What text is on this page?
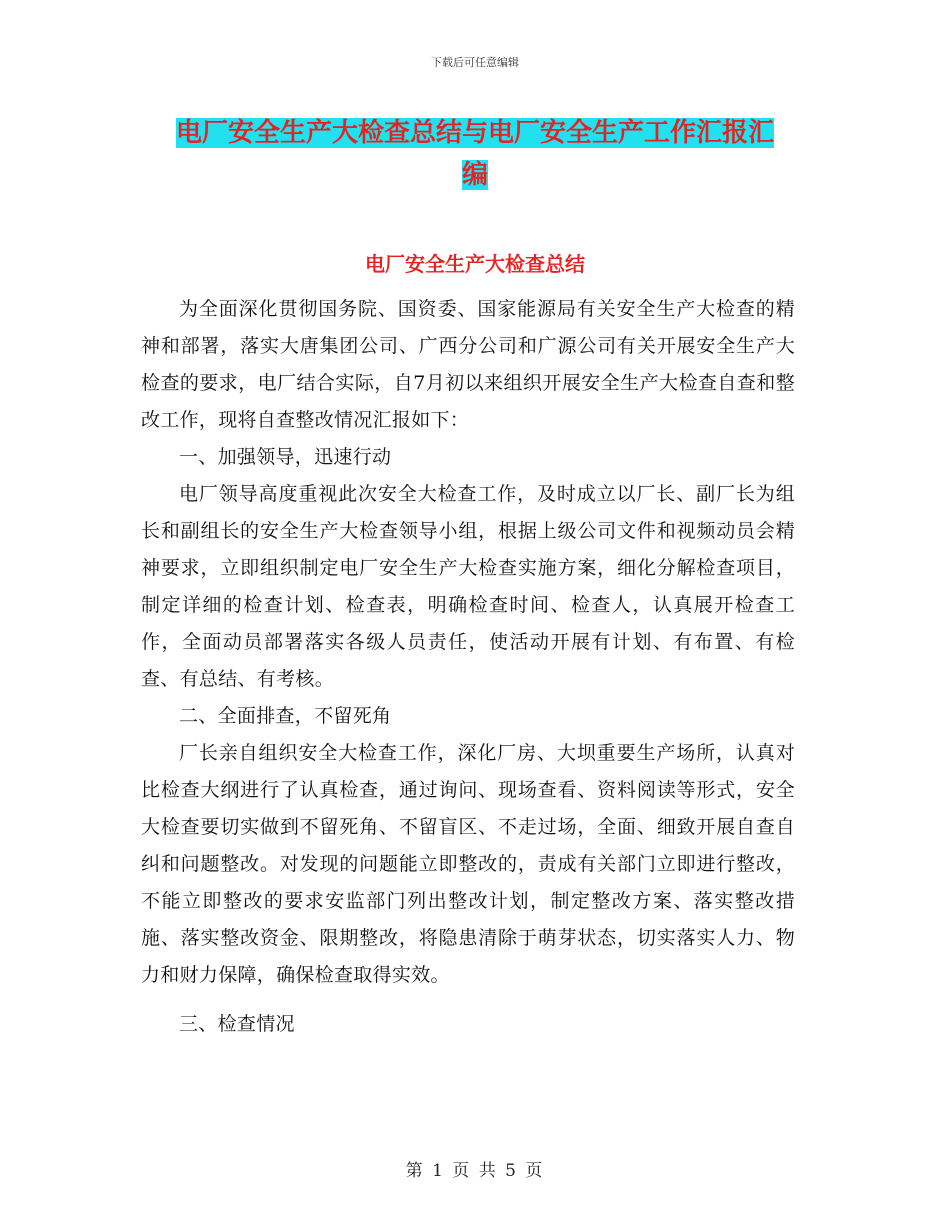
下载后可任意编辑
电厂安全生产大检查总结与电厂安全生产工作汇报汇
编
电厂安全生产大检查总结

为全面深化贯彻国务院、国资委、国家能源局有关安全生产大检查的精神和部署，落实大唐集团公司、广西分公司和广源公司有关开展安全生产大检查的要求，电厂结合实际，自7月初以来组织开展安全生产大检查自查和整改工作，现将自查整改情况汇报如下：

一、加强领导，迅速行动

电厂领导高度重视此次安全大检查工作，及时成立以厂长、副厂长为组长和副组长的安全生产大检查领导小组，根据上级公司文件和视频动员会精神要求，立即组织制定电厂安全生产大检查实施方案，细化分解检查项目，制定详细的检查计划、检查表，明确检查时间、检查人，认真展开检查工作，全面动员部署落实各级人员责任，使活动开展有计划、有布置、有检查、有总结、有考核。

二、全面排查，不留死角

厂长亲自组织安全大检查工作，深化厂房、大坝重要生产场所，认真对比检查大纲进行了认真检查，通过询问、现场查看、资料阅读等形式，安全大检查要切实做到不留死角、不留盲区、不走过场，全面、细致开展自查自纠和问题整改。对发现的问题能立即整改的，责成有关部门立即进行整改，不能立即整改的要求安监部门列出整改计划，制定整改方案、落实整改措施、落实整改资金、限期整改，将隐患清除于萌芽状态，切实落实人力、物力和财力保障，确保检查取得实效。

三、检查情况

第 1 页 共 5 页
